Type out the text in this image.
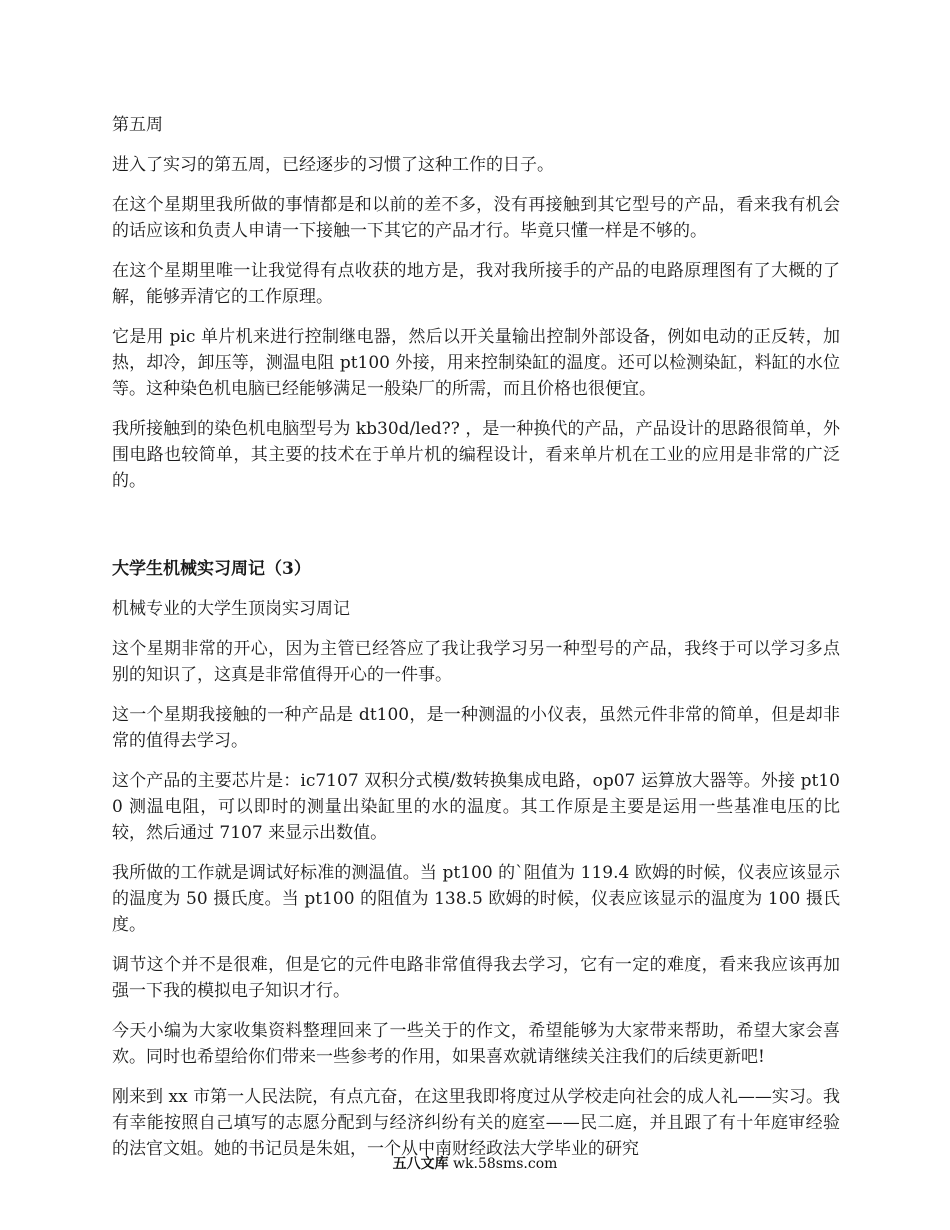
第五周

进入了实习的第五周，已经逐步的习惯了这种工作的日子。

在这个星期里我所做的事情都是和以前的差不多，没有再接触到其它型号的产品，看来我有机会的话应该和负责人申请一下接触一下其它的产品才行。毕竟只懂一样是不够的。

在这个星期里唯一让我觉得有点收获的地方是，我对我所接手的产品的电路原理图有了大概的了解，能够弄清它的工作原理。

它是用 pic 单片机来进行控制继电器，然后以开关量输出控制外部设备，例如电动的正反转，加热，却冷，卸压等，测温电阻 pt100 外接，用来控制染缸的温度。还可以检测染缸，料缸的水位等。这种染色机电脑已经能够满足一般染厂的所需，而且价格也很便宜。

我所接触到的染色机电脑型号为 kb30d/led?? ，是一种换代的产品，产品设计的思路很简单，外围电路也较简单，其主要的技术在于单片机的编程设计，看来单片机在工业的应用是非常的广泛的。

大学生机械实习周记（3）

机械专业的大学生顶岗实习周记

这个星期非常的开心，因为主管已经答应了我让我学习另一种型号的产品，我终于可以学习多点别的知识了，这真是非常值得开心的一件事。

这一个星期我接触的一种产品是 dt100，是一种测温的小仪表，虽然元件非常的简单，但是却非常的值得去学习。

这个产品的主要芯片是：ic7107 双积分式模/数转换集成电路，op07 运算放大器等。外接 pt100 测温电阻，可以即时的测量出染缸里的水的温度。其工作原是主要是运用一些基准电压的比较，然后通过 7107 来显示出数值。

我所做的工作就是调试好标准的测温值。当 pt100 的`阻值为 119.4 欧姆的时候，仪表应该显示的温度为 50 摄氏度。当 pt100 的阻值为 138.5 欧姆的时候，仪表应该显示的温度为 100 摄氏度。

调节这个并不是很难，但是它的元件电路非常值得我去学习，它有一定的难度，看来我应该再加强一下我的模拟电子知识才行。

今天小编为大家收集资料整理回来了一些关于的作文，希望能够为大家带来帮助，希望大家会喜欢。同时也希望给你们带来一些参考的作用，如果喜欢就请继续关注我们的后续更新吧!

刚来到 xx 市第一人民法院，有点亢奋，在这里我即将度过从学校走向社会的成人礼——实习。我有幸能按照自己填写的志愿分配到与经济纠纷有关的庭室——民二庭，并且跟了有十年庭审经验的法官文姐。她的书记员是朱姐，一个从中南财经政法大学毕业的研究

五八文库 wk.58sms.com
